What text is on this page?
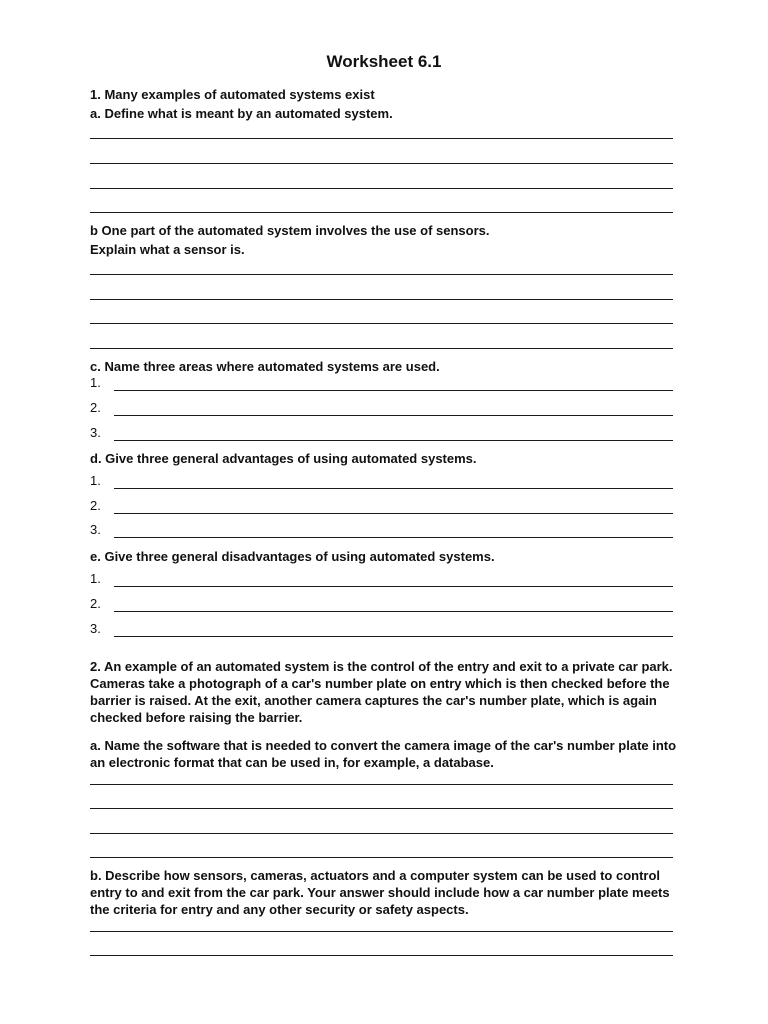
Worksheet 6.1
1. Many examples of automated systems exist
a. Define what is meant by an automated system.
b One part of the automated system involves the use of sensors.
Explain what a sensor is.
c. Name three areas where automated systems are used.
1.
2.
3.
d. Give three general advantages of using automated systems.
1.
2.
3.
e. Give three general disadvantages of using automated systems.
1.
2.
3.
2. An example of an automated system is the control of the entry and exit to a private car park. Cameras take a photograph of a car's number plate on entry which is then checked before the barrier is raised. At the exit, another camera captures the car's number plate, which is again checked before raising the barrier.
a. Name the software that is needed to convert the camera image of the car's number plate into an electronic format that can be used in, for example, a database.
b. Describe how sensors, cameras, actuators and a computer system can be used to control entry to and exit from the car park. Your answer should include how a car number plate meets the criteria for entry and any other security or safety aspects.
